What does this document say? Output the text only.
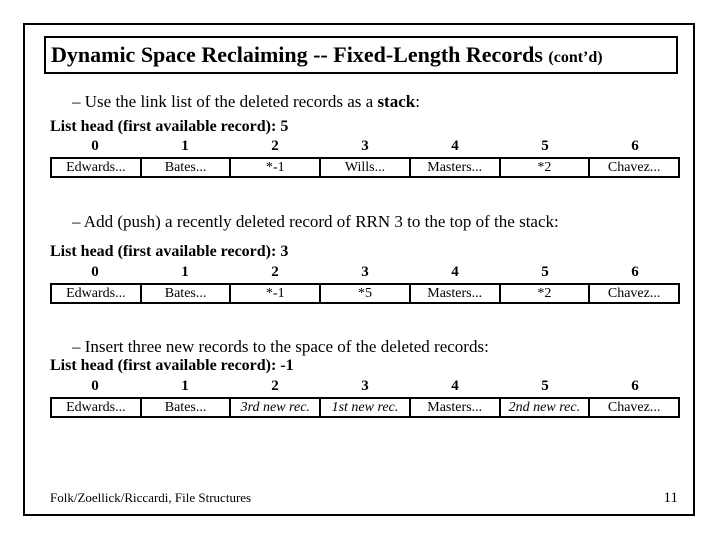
Dynamic Space Reclaiming -- Fixed-Length Records (cont’d)
– Use the link list of the deleted records as a stack:
List head (first available record): 5
0	1	2	3	4	5	6
Edwards...	Bates...	*-1	Wills...	Masters...	*2	Chavez...
– Add (push) a recently deleted record of RRN 3 to the top of the stack:
List head (first available record): 3
0	1	2	3	4	5	6
Edwards...	Bates...	*-1	*5	Masters...	*2	Chavez...
– Insert three new records to the space of the deleted records:
List head (first available record): -1
0	1	2	3	4	5	6
Edwards...	Bates...	3rd new rec.	1st new rec.	Masters...	2nd new rec.	Chavez...
Folk/Zoellick/Riccardi, File Structures	11
